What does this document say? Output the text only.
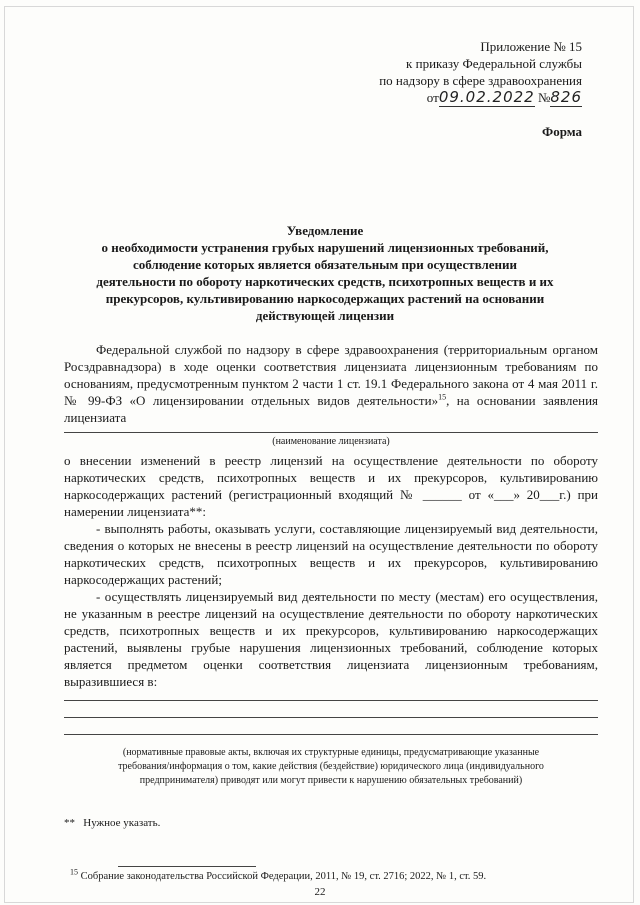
Приложение № 15
к приказу Федеральной службы
по надзору в сфере здравоохранения
от09.02.2022 №826
Форма
Уведомление
о необходимости устранения грубых нарушений лицензионных требований,
соблюдение которых является обязательным при осуществлении
деятельности по обороту наркотических средств, психотропных веществ и их
прекурсоров, культивированию наркосодержащих растений на основании
действующей лицензии
Федеральной службой по надзору в сфере здравоохранения (территориальным органом Росздравнадзора) в ходе оценки соответствия лицензиата лицензионным требованиям по основаниям, предусмотренным пунктом 2 части 1 ст. 19.1 Федерального закона от 4 мая 2011 г. № 99-ФЗ «О лицензировании отдельных видов деятельности»$^{15}$, на основании заявления лицензиата
(наименование лицензиата)
о внесении изменений в реестр лицензий на осуществление деятельности по обороту наркотических средств, психотропных веществ и их прекурсоров, культивированию наркосодержащих растений (регистрационный входящий № ______ от «___» 20___г.) при намерении лицензиата**:
- выполнять работы, оказывать услуги, составляющие лицензируемый вид деятельности, сведения о которых не внесены в реестр лицензий на осуществление деятельности по обороту наркотических средств, психотропных веществ и их прекурсоров, культивированию наркосодержащих растений;
- осуществлять лицензируемый вид деятельности по месту (местам) его осуществления, не указанным в реестре лицензий на осуществление деятельности по обороту наркотических средств, психотропных веществ и их прекурсоров, культивированию наркосодержащих растений, выявлены грубые нарушения лицензионных требований, соблюдение которых является предметом оценки соответствия лицензиата лицензионным требованиям, выразившиеся в:
(нормативные правовые акты, включая их структурные единицы, предусматривающие указанные
требования/информация о том, какие действия (бездействие) юридического лица (индивидуального
предпринимателя) приводят или могут привести к нарушению обязательных требований)
** Нужное указать.
$^{15}$ Собрание законодательства Российской Федерации, 2011, № 19, ст. 2716; 2022, № 1, ст. 59.
22
